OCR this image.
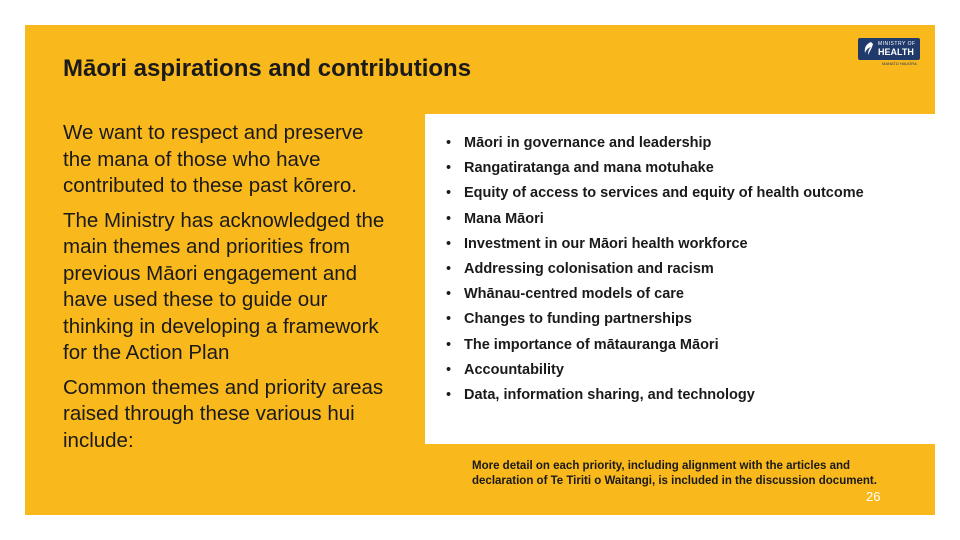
Māori aspirations and contributions
MINISTRY OF
HEALTH
MANATŪ HAUORA

We want to respect and preserve the mana of those who have contributed to these past kōrero.

The Ministry has acknowledged the main themes and priorities from previous Māori engagement and have used these to guide our thinking in developing a framework for the Action Plan

Common themes and priority areas raised through these various hui include:

• Māori in governance and leadership
• Rangatiratanga and mana motuhake
• Equity of access to services and equity of health outcome
• Mana Māori
• Investment in our Māori health workforce
• Addressing colonisation and racism
• Whānau-centred models of care
• Changes to funding partnerships
• The importance of mātauranga Māori
• Accountability
• Data, information sharing, and technology
More detail on each priority, including alignment with the articles and declaration of Te Tiriti o Waitangi, is included in the discussion document.
26
